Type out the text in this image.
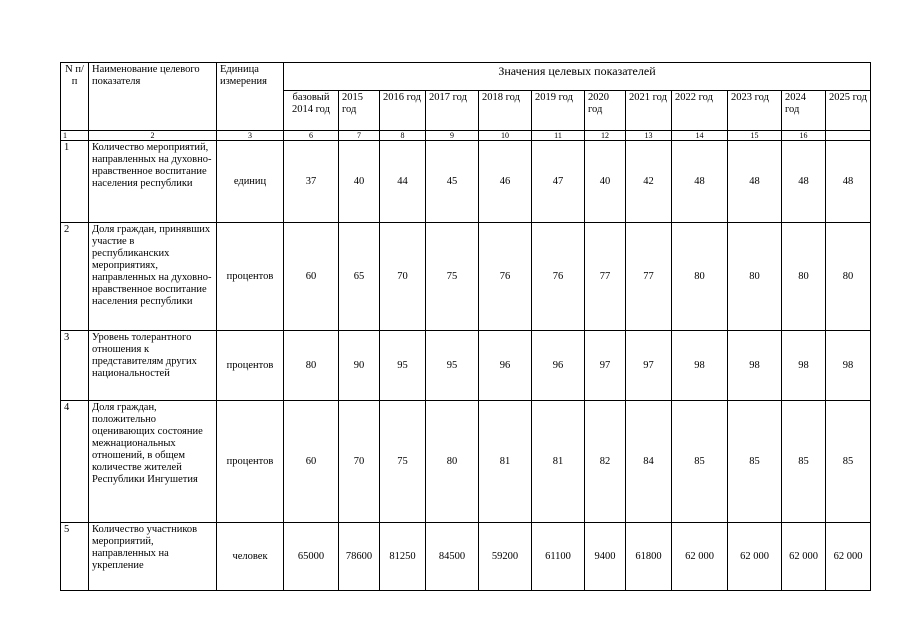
N п/п	Наименование целевого показателя	Единица измерения	Значения целевых показателей											
			базовый 2014 год	2015 год	2016 год	2017 год	2018 год	2019 год	2020 год	2021 год	2022 год	2023 год	2024 год	2025 год
1	2	3	6	7	8	9	10	11	12	13	14	15	16	
1	Количество мероприятий, направленных на духовно-нравственное воспитание населения республики	единиц	37	40	44	45	46	47	40	42	48	48	48	48
2	Доля граждан, принявших участие в республиканских мероприятиях, направленных на духовно-нравственное воспитание населения республики	процентов	60	65	70	75	76	76	77	77	80	80	80	80
3	Уровень толерантного отношения к представителям других национальностей	процентов	80	90	95	95	96	96	97	97	98	98	98	98
4	Доля граждан, положительно оценивающих состояние межнациональных отношений, в общем количестве жителей Республики Ингушетия	процентов	60	70	75	80	81	81	82	84	85	85	85	85
5	Количество участников мероприятий, направленных на укрепление	человек	65000	78600	81250	84500	59200	61100	9400	61800	62 000	62 000	62 000	62 000
